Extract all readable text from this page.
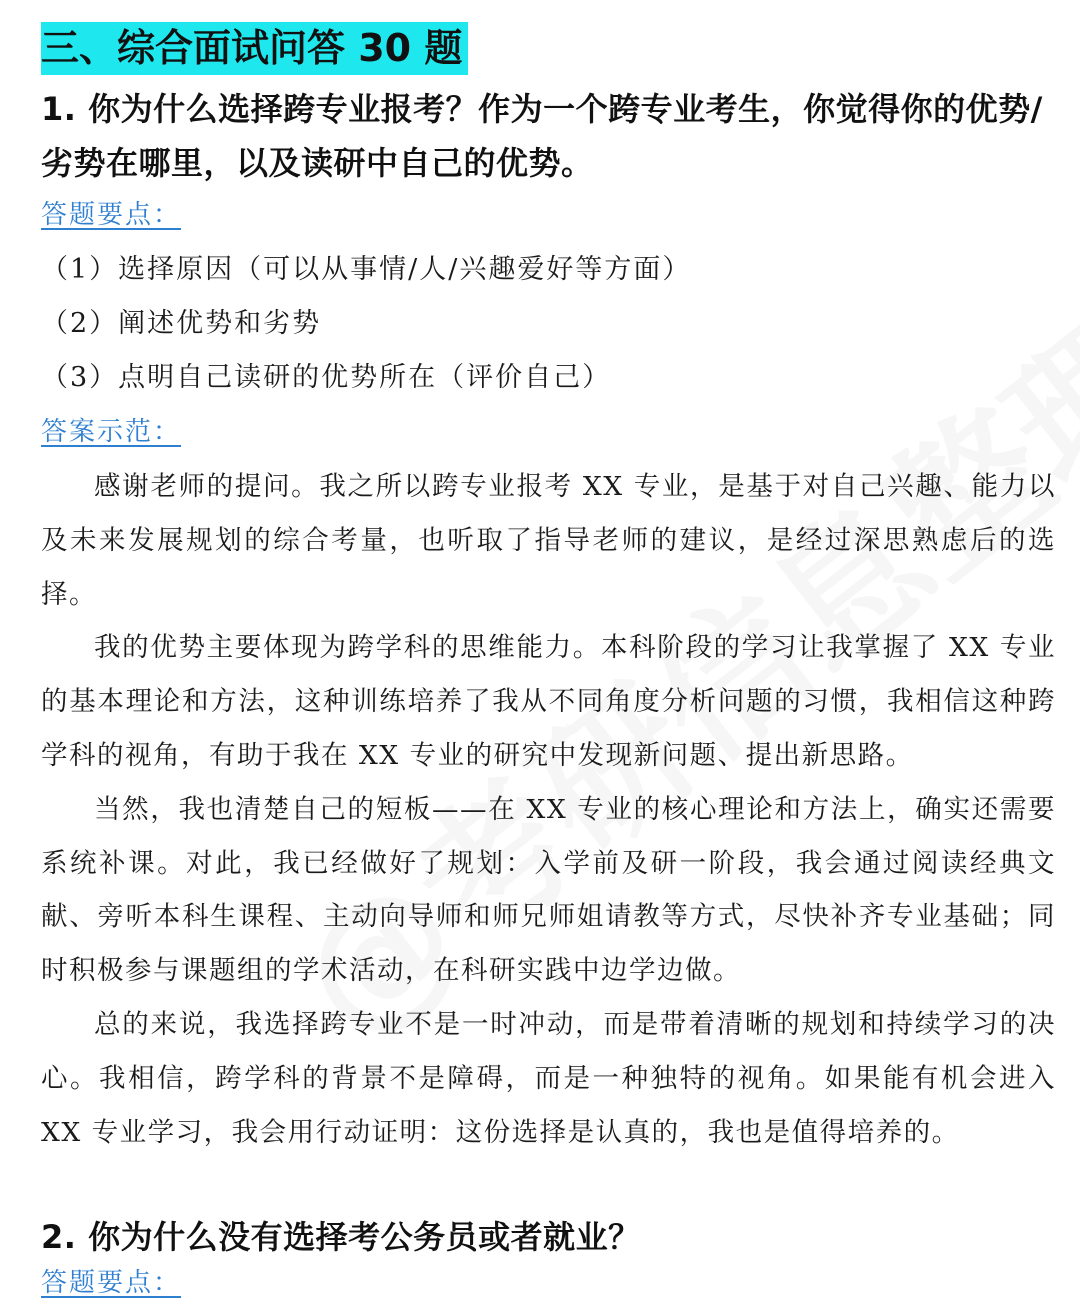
三、综合面试问答 30 题
1. 你为什么选择跨专业报考？作为一个跨专业考生，你觉得你的优势/劣势在哪里，以及读研中自己的优势。
答题要点：
（1）选择原因（可以从事情/人/兴趣爱好等方面）
（2）阐述优势和劣势
（3）点明自己读研的优势所在（评价自己）
答案示范：

感谢老师的提问。我之所以跨专业报考 XX 专业，是基于对自己兴趣、能力以及未来发展规划的综合考量，也听取了指导老师的建议，是经过深思熟虑后的选择。

我的优势主要体现为跨学科的思维能力。本科阶段的学习让我掌握了 XX 专业的基本理论和方法，这种训练培养了我从不同角度分析问题的习惯，我相信这种跨学科的视角，有助于我在 XX 专业的研究中发现新问题、提出新思路。

当然，我也清楚自己的短板——在 XX 专业的核心理论和方法上，确实还需要系统补课。对此，我已经做好了规划：入学前及研一阶段，我会通过阅读经典文献、旁听本科生课程、主动向导师和师兄师姐请教等方式，尽快补齐专业基础；同时积极参与课题组的学术活动，在科研实践中边学边做。

总的来说，我选择跨专业不是一时冲动，而是带着清晰的规划和持续学习的决心。我相信，跨学科的背景不是障碍，而是一种独特的视角。如果能有机会进入 XX 专业学习，我会用行动证明：这份选择是认真的，我也是值得培养的。

2. 你为什么没有选择考公务员或者就业？
答题要点：
